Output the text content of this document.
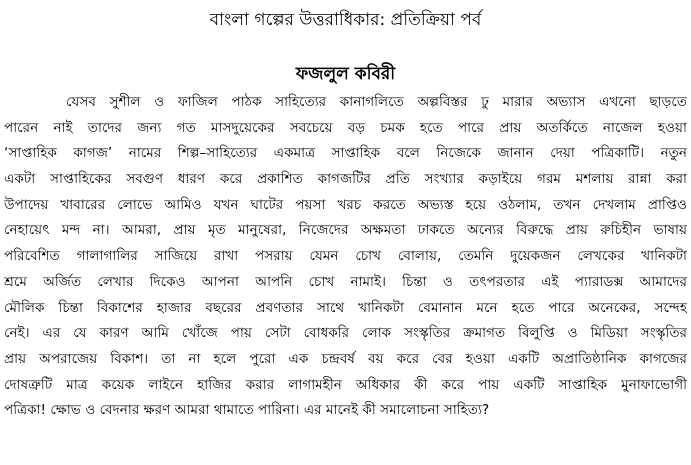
বাংলা গল্পের উত্তরাধিকার: প্রতিক্রিয়া পর্ব
ফজলুল কবিরী
যেসব সুশীল ও ফাজিল পাঠক সাহিত্যের কানাগলিতে অল্পবিস্তর ঢু মারার অভ্যাস এখনো ছাড়তে
পারেন নাই তাদের জন্য গত মাসদুয়েকের সবচেয়ে বড় চমক হতে পারে প্রায় অতর্কিতে নাজেল হওয়া
‘সাপ্তাহিক কাগজ’ নামের শিল্প–সাহিত্যের একমাত্র সাপ্তাহিক বলে নিজেকে জানান দেয়া পত্রিকাটি। নতুন
একটা সাপ্তাহিকের সবগুণ ধারণ করে প্রকাশিত কাগজটির প্রতি সংখ্যার কড়াইয়ে গরম মশলায় রান্না করা
উপাদেয় খাবারের লোভে আমিও যখন ঘাটের পয়সা খরচ করতে অভ্যস্ত হয়ে ওঠলাম, তখন দেখলাম প্রাপ্তিও
নেহায়েৎ মন্দ না। আমরা, প্রায় মৃত মানুষেরা, নিজেদের অক্ষমতা ঢাকতে অন্যের বিরুদ্ধে প্রায় রুচিহীন ভাষায়
পরিবেশিত গালাগালির সাজিয়ে রাখা পসরায় যেমন চোখ বোলায়, তেমনি দুয়েকজন লেখকের খানিকটা
শ্রমে অর্জিত লেখার দিকেও আপনা আপনি চোখ নামাই। চিন্তা ও তৎপরতার এই প্যারাডক্স আমাদের
মৌলিক চিন্তা বিকাশের হাজার বছরের প্রবণতার সাথে খানিকটা বেমানান মনে হতে পারে অনেকের, সন্দেহ
নেই। এর যে কারণ আমি খোঁজে পায় সেটা বোধকরি লোক সংস্কৃতির ক্রমাগত বিলুপ্তি ও মিডিয়া সংস্কৃতির
প্রায় অপরাজেয় বিকাশ। তা না হলে পুরো এক চন্দ্রবর্ষ বয় করে বের হওয়া একটি অপ্রাতিষ্ঠানিক কাগজের
দোষত্রুটি মাত্র কয়েক লাইনে হাজির করার লাগামহীন অধিকার কী করে পায় একটি সাপ্তাহিক মুনাফাভোগী
পত্রিকা! ক্ষোভ ও বেদনার ক্ষরণ আমরা থামাতে পারিনা। এর মানেই কী সমালোচনা সাহিত্য?
